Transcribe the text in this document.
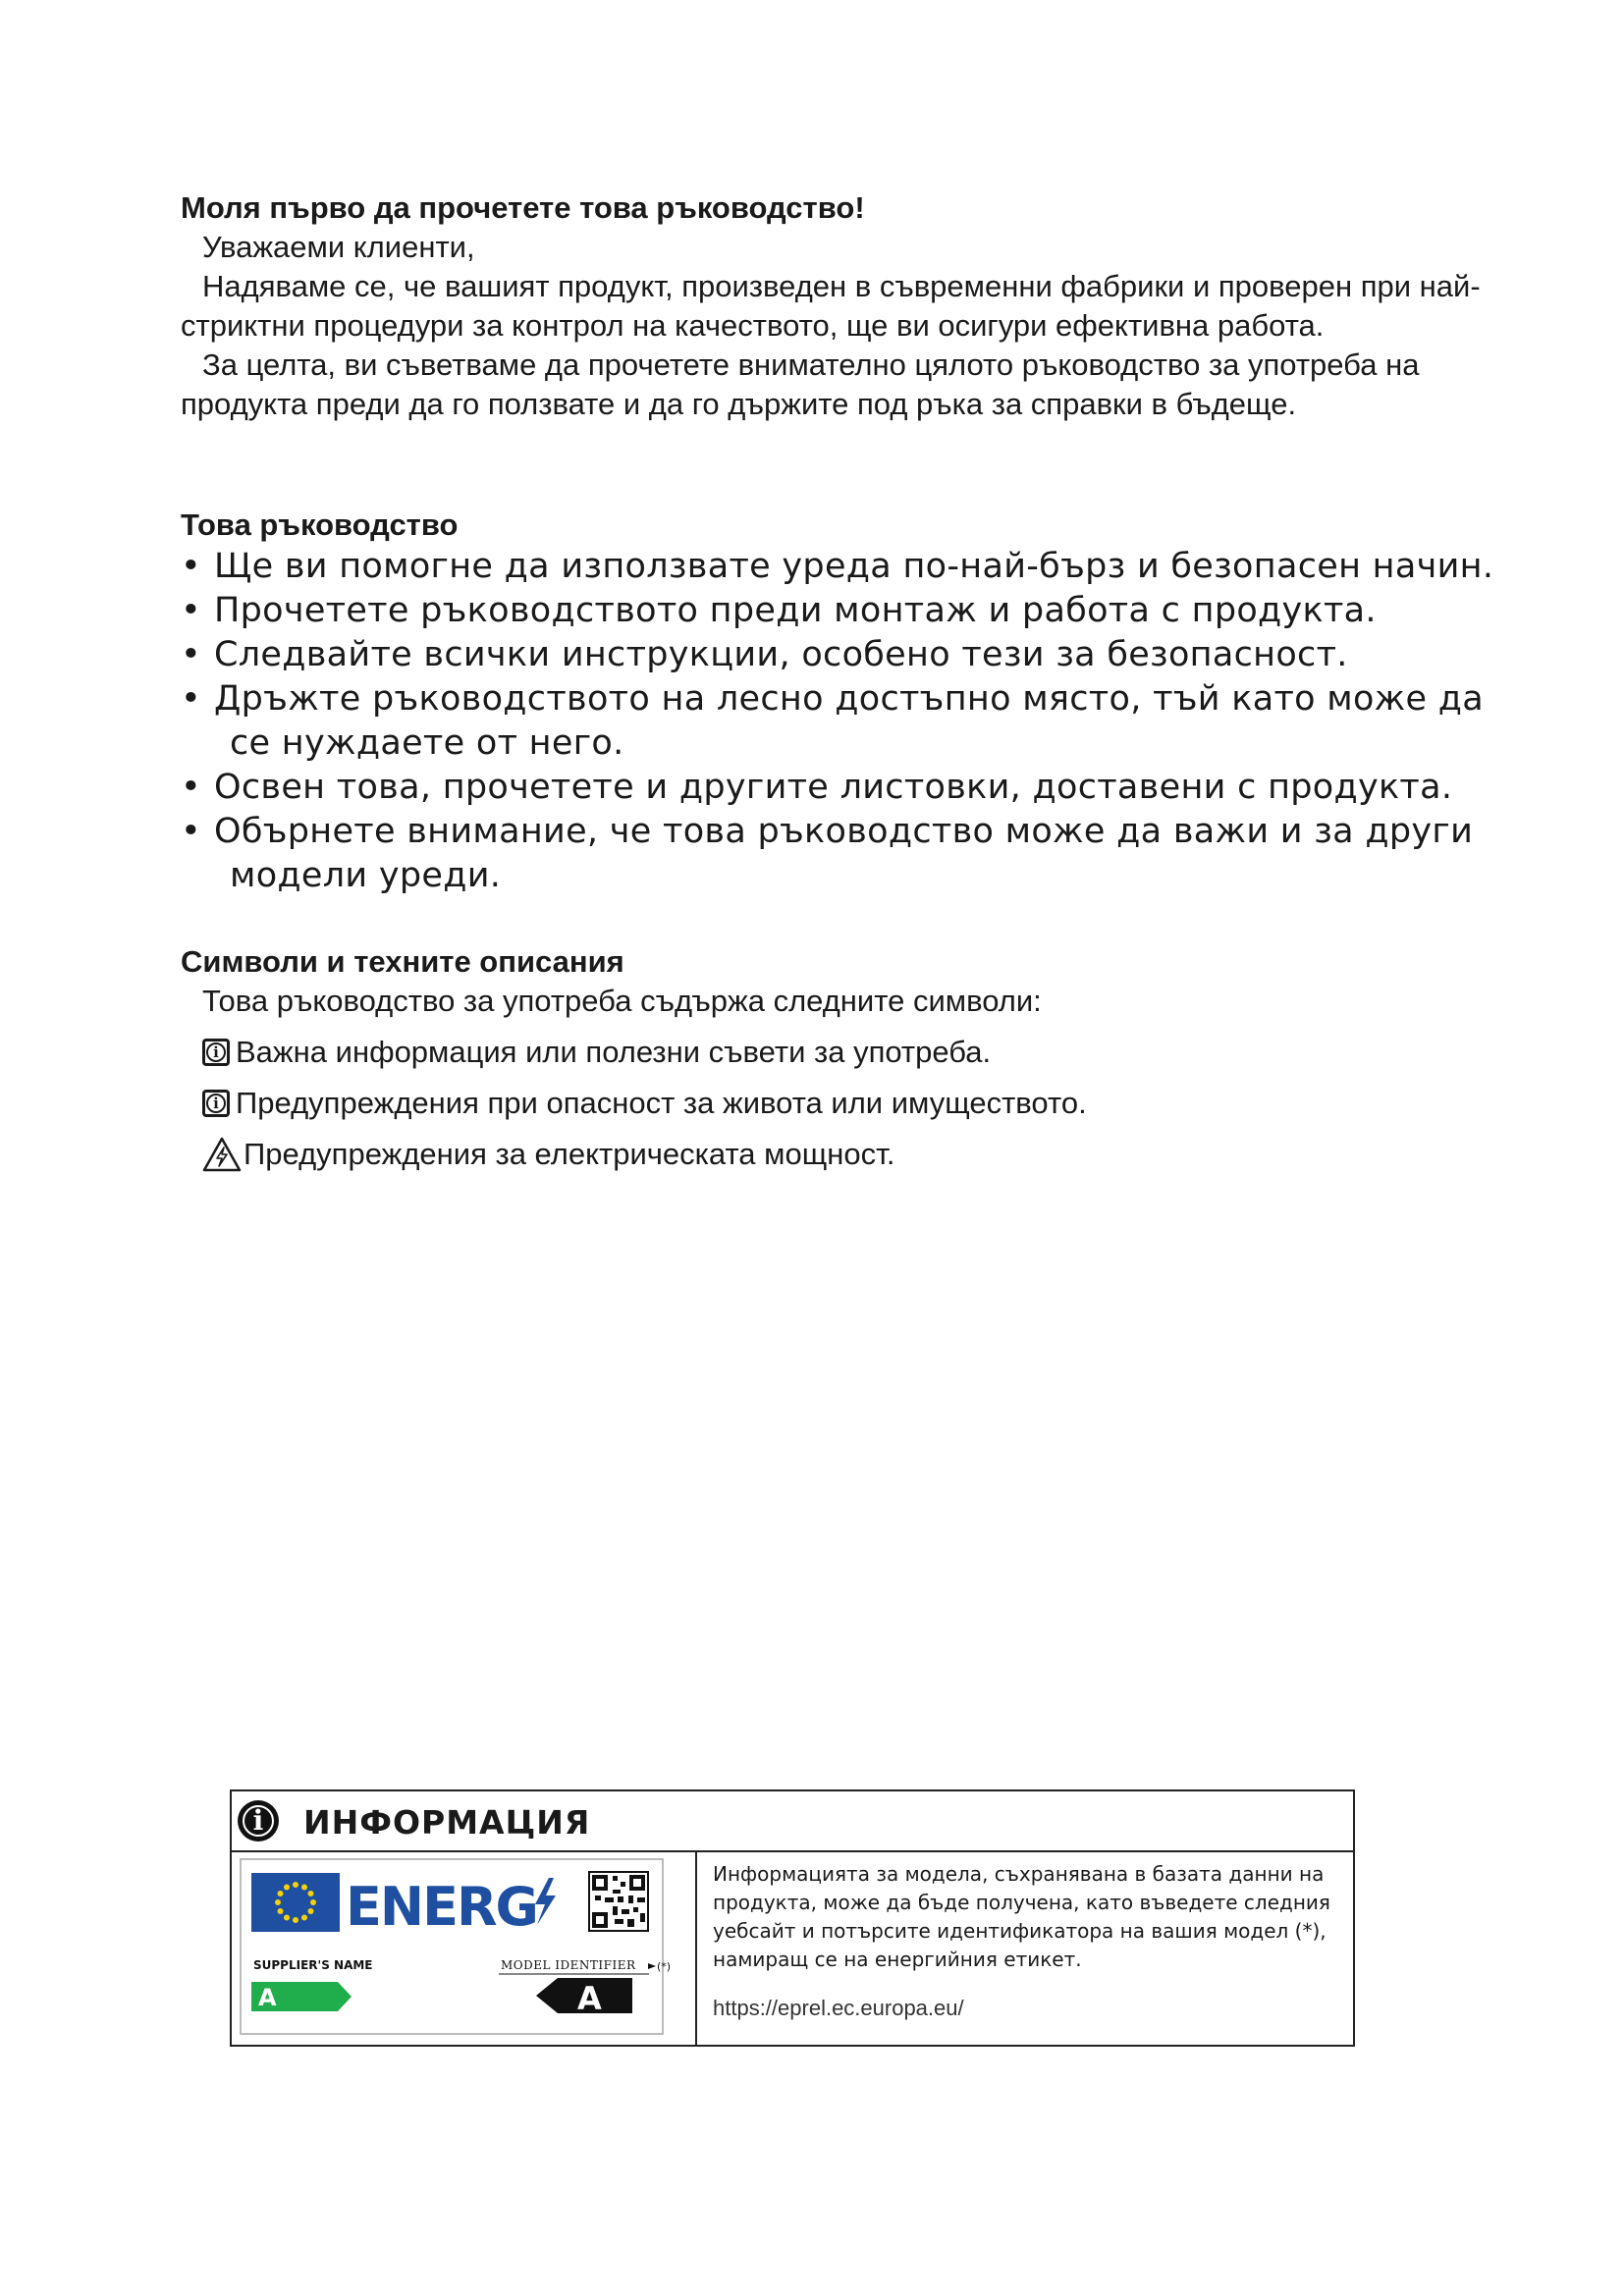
Моля първо да прочетете това ръководство!

Уважаеми клиенти,

Надяваме се, че вашият продукт, произведен в съвременни фабрики и проверен при най-стриктни процедури за контрол на качеството, ще ви осигури ефективна работа.

За целта, ви съветваме да прочетете внимателно цялото ръководство за употреба на продукта преди да го ползвате и да го държите под ръка за справки в бъдеще.

Това ръководство

• Ще ви помогне да използвате уреда по-най-бърз и безопасен начин.
• Прочетете ръководството преди монтаж и работа с продукта.
• Следвайте всички инструкции, особено тези за безопасност.
• Дръжте ръководството на лесно достъпно място, тъй като може да се нуждаете от него.
• Освен това, прочетете и другите листовки, доставени с продукта.
• Обърнете внимание, че това ръководство може да важи и за други модели уреди.

Символи и техните описания

Това ръководство за употреба съдържа следните символи:

i Важна информация или полезни съвети за употреба.
i Предупреждения при опасност за живота или имуществото.
Предупреждения за електрическата мощност.
i	ИНФОРМАЦИЯ
ENERG
SUPPLIER'S NAME	MODEL IDENTIFIER
A	A
(*)
Информацията за модела, съхранявана в базата данни на продукта, може да бъде получена, като въведете следния уебсайт и потърсите идентификатора на вашия модел (*), намиращ се на енергийния етикет.
https://eprel.ec.europa.eu/
